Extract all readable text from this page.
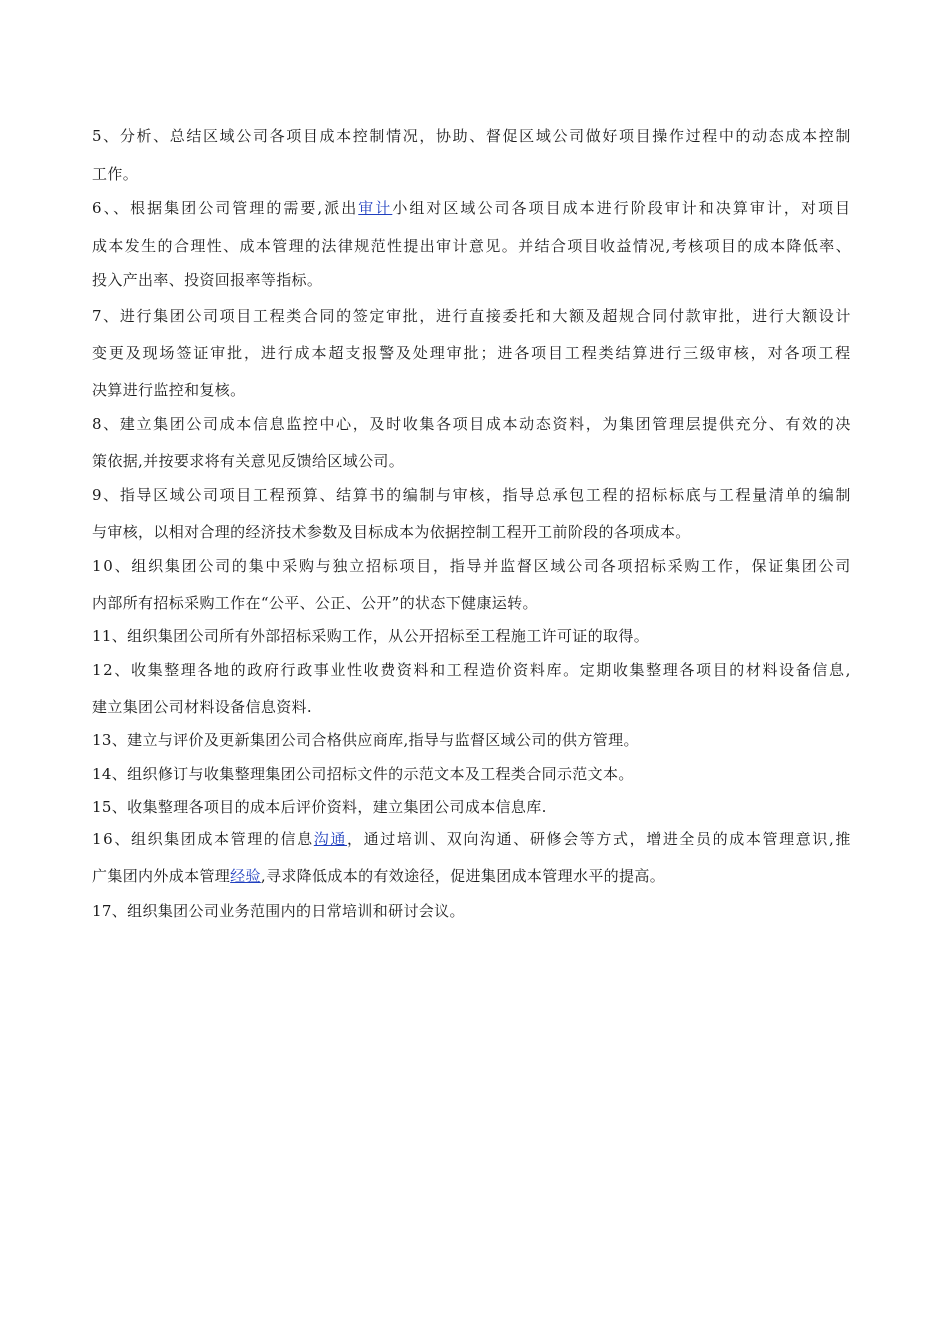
5、分析、总结区域公司各项目成本控制情况，协助、督促区域公司做好项目操作过程中的动态成本控制
工作。
6、、根据集团公司管理的需要,派出审计小组对区域公司各项目成本进行阶段审计和决算审计，对项目
成本发生的合理性、成本管理的法律规范性提出审计意见。并结合项目收益情况,考核项目的成本降低率、
投入产出率、投资回报率等指标。
7、进行集团公司项目工程类合同的签定审批，进行直接委托和大额及超规合同付款审批，进行大额设计
变更及现场签证审批，进行成本超支报警及处理审批；进各项目工程类结算进行三级审核，对各项工程
决算进行监控和复核。
8、建立集团公司成本信息监控中心，及时收集各项目成本动态资料，为集团管理层提供充分、有效的决
策依据,并按要求将有关意见反馈给区域公司。
9、指导区域公司项目工程预算、结算书的编制与审核，指导总承包工程的招标标底与工程量清单的编制
与审核，以相对合理的经济技术参数及目标成本为依据控制工程开工前阶段的各项成本。
10、组织集团公司的集中采购与独立招标项目，指导并监督区域公司各项招标采购工作，保证集团公司
内部所有招标采购工作在“公平、公正、公开”的状态下健康运转。
11、组织集团公司所有外部招标采购工作，从公开招标至工程施工许可证的取得。
12、收集整理各地的政府行政事业性收费资料和工程造价资料库。定期收集整理各项目的材料设备信息,
建立集团公司材料设备信息资料.
13、建立与评价及更新集团公司合格供应商库,指导与监督区域公司的供方管理。
14、组织修订与收集整理集团公司招标文件的示范文本及工程类合同示范文本。
15、收集整理各项目的成本后评价资料，建立集团公司成本信息库.
16、组织集团成本管理的信息沟通，通过培训、双向沟通、研修会等方式，增进全员的成本管理意识,推
广集团内外成本管理经验,寻求降低成本的有效途径，促进集团成本管理水平的提高。
17、组织集团公司业务范围内的日常培训和研讨会议。
